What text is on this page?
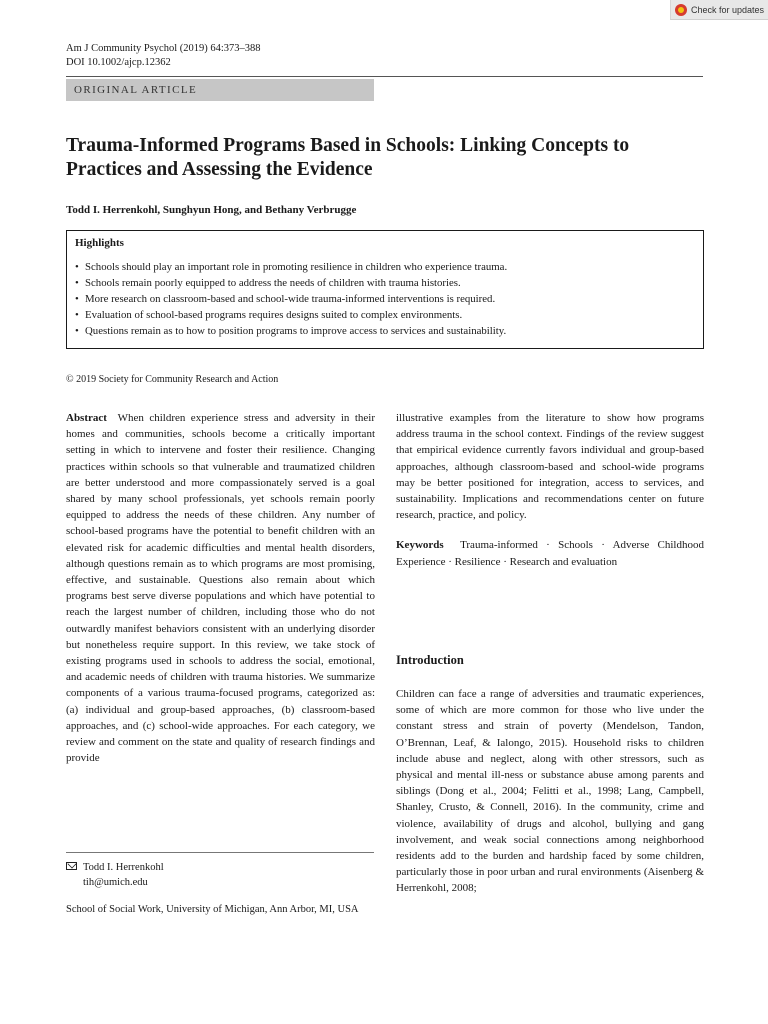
Check for updates
Am J Community Psychol (2019) 64:373–388
DOI 10.1002/ajcp.12362
ORIGINAL ARTICLE
Trauma-Informed Programs Based in Schools: Linking Concepts to Practices and Assessing the Evidence
Todd I. Herrenkohl, Sunghyun Hong, and Bethany Verbrugge
Highlights
• Schools should play an important role in promoting resilience in children who experience trauma.
• Schools remain poorly equipped to address the needs of children with trauma histories.
• More research on classroom-based and school-wide trauma-informed interventions is required.
• Evaluation of school-based programs requires designs suited to complex environments.
• Questions remain as to how to position programs to improve access to services and sustainability.
© 2019 Society for Community Research and Action
Abstract When children experience stress and adversity in their homes and communities, schools become a critically important setting in which to intervene and foster their resilience. Changing practices within schools so that vulnerable and traumatized children are better understood and more compassionately served is a goal shared by many school professionals, yet schools remain poorly equipped to address the needs of these children. Any number of school-based programs have the potential to benefit children with an elevated risk for academic difficulties and mental health disorders, although questions remain as to which programs are most promising, effective, and sustainable. Questions also remain about which programs best serve diverse populations and which have potential to reach the largest number of children, including those who do not outwardly manifest behaviors consistent with an underlying disorder but nonetheless require support. In this review, we take stock of existing programs used in schools to address the social, emotional, and academic needs of children with trauma histories. We summarize components of a various trauma-focused programs, categorized as: (a) individual and group-based approaches, (b) classroom-based approaches, and (c) school-wide approaches. For each category, we review and comment on the state and quality of research findings and provide
illustrative examples from the literature to show how programs address trauma in the school context. Findings of the review suggest that empirical evidence currently favors individual and group-based approaches, although classroom-based and school-wide programs may be better positioned for integration, access to services, and sustainability. Implications and recommendations center on future research, practice, and policy.
Keywords Trauma-informed · Schools · Adverse Childhood Experience · Resilience · Research and evaluation
Introduction
Children can face a range of adversities and traumatic experiences, some of which are more common for those who live under the constant stress and strain of poverty (Mendelson, Tandon, O’Brennan, Leaf, & Ialongo, 2015). Household risks to children include abuse and neglect, along with other stressors, such as physical and mental ill-ness or substance abuse among parents and siblings (Dong et al., 2004; Felitti et al., 1998; Lang, Campbell, Shanley, Crusto, & Connell, 2016). In the community, crime and violence, availability of drugs and alcohol, bullying and gang involvement, and weak social connections among neighborhood residents add to the burden and hardship faced by some children, particularly those in poor urban and rural environments (Aisenberg & Herrenkohl, 2008;
Todd I. Herrenkohl
tih@umich.edu
School of Social Work, University of Michigan, Ann Arbor, MI, USA
